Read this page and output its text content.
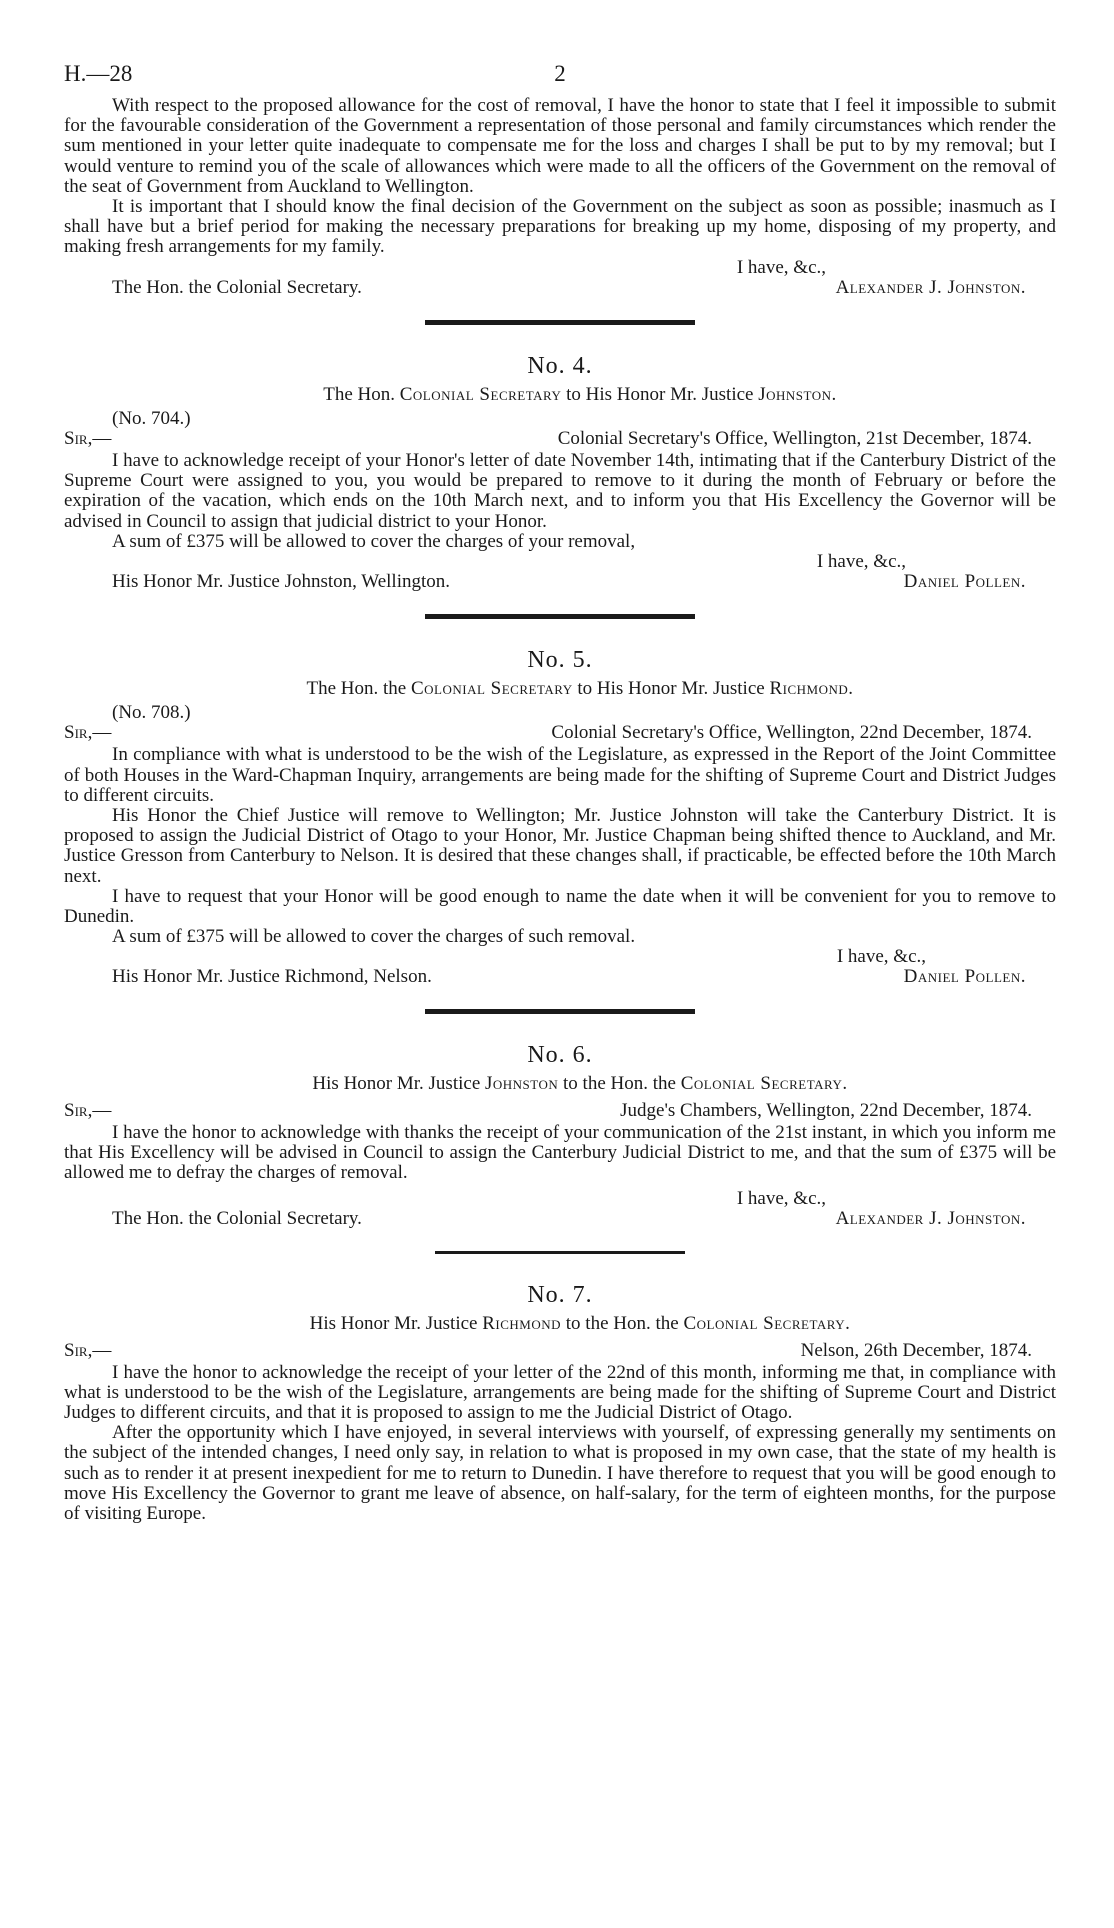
H.—28	2

With respect to the proposed allowance for the cost of removal, I have the honor to state that I feel it impossible to submit for the favourable consideration of the Government a representation of those personal and family circumstances which render the sum mentioned in your letter quite inadequate to compensate me for the loss and charges I shall be put to by my removal; but I would venture to remind you of the scale of allowances which were made to all the officers of the Government on the removal of the seat of Government from Auckland to Wellington.

It is important that I should know the final decision of the Government on the subject as soon as possible; inasmuch as I shall have but a brief period for making the necessary preparations for breaking up my home, disposing of my property, and making fresh arrangements for my family.

I have, &c.,
The Hon. the Colonial Secretary.	Alexander J. Johnston.
No. 4.
The Hon. Colonial Secretary to His Honor Mr. Justice Johnston.
(No. 704.)
Sir,—	Colonial Secretary's Office, Wellington, 21st December, 1874.

I have to acknowledge receipt of your Honor's letter of date November 14th, intimating that if the Canterbury District of the Supreme Court were assigned to you, you would be prepared to remove to it during the month of February or before the expiration of the vacation, which ends on the 10th March next, and to inform you that His Excellency the Governor will be advised in Council to assign that judicial district to your Honor.

A sum of £375 will be allowed to cover the charges of your removal,

I have, &c.,
His Honor Mr. Justice Johnston, Wellington.	Daniel Pollen.
No. 5.
The Hon. the Colonial Secretary to His Honor Mr. Justice Richmond.
(No. 708.)
Sir,—	Colonial Secretary's Office, Wellington, 22nd December, 1874.

In compliance with what is understood to be the wish of the Legislature, as expressed in the Report of the Joint Committee of both Houses in the Ward-Chapman Inquiry, arrangements are being made for the shifting of Supreme Court and District Judges to different circuits.

His Honor the Chief Justice will remove to Wellington; Mr. Justice Johnston will take the Canterbury District. It is proposed to assign the Judicial District of Otago to your Honor, Mr. Justice Chapman being shifted thence to Auckland, and Mr. Justice Gresson from Canterbury to Nelson. It is desired that these changes shall, if practicable, be effected before the 10th March next.

I have to request that your Honor will be good enough to name the date when it will be convenient for you to remove to Dunedin.

A sum of £375 will be allowed to cover the charges of such removal.

I have, &c.,
His Honor Mr. Justice Richmond, Nelson.	Daniel Pollen.
No. 6.
His Honor Mr. Justice Johnston to the Hon. the Colonial Secretary.
Sir,—	Judge's Chambers, Wellington, 22nd December, 1874.

I have the honor to acknowledge with thanks the receipt of your communication of the 21st instant, in which you inform me that His Excellency will be advised in Council to assign the Canterbury Judicial District to me, and that the sum of £375 will be allowed me to defray the charges of removal.

I have, &c.,
The Hon. the Colonial Secretary.	Alexander J. Johnston.
No. 7.
His Honor Mr. Justice Richmond to the Hon. the Colonial Secretary.
Sir,—	Nelson, 26th December, 1874.

I have the honor to acknowledge the receipt of your letter of the 22nd of this month, informing me that, in compliance with what is understood to be the wish of the Legislature, arrangements are being made for the shifting of Supreme Court and District Judges to different circuits, and that it is proposed to assign to me the Judicial District of Otago.

After the opportunity which I have enjoyed, in several interviews with yourself, of expressing generally my sentiments on the subject of the intended changes, I need only say, in relation to what is proposed in my own case, that the state of my health is such as to render it at present inexpedient for me to return to Dunedin. I have therefore to request that you will be good enough to move His Excellency the Governor to grant me leave of absence, on half-salary, for the term of eighteen months, for the purpose of visiting Europe.
